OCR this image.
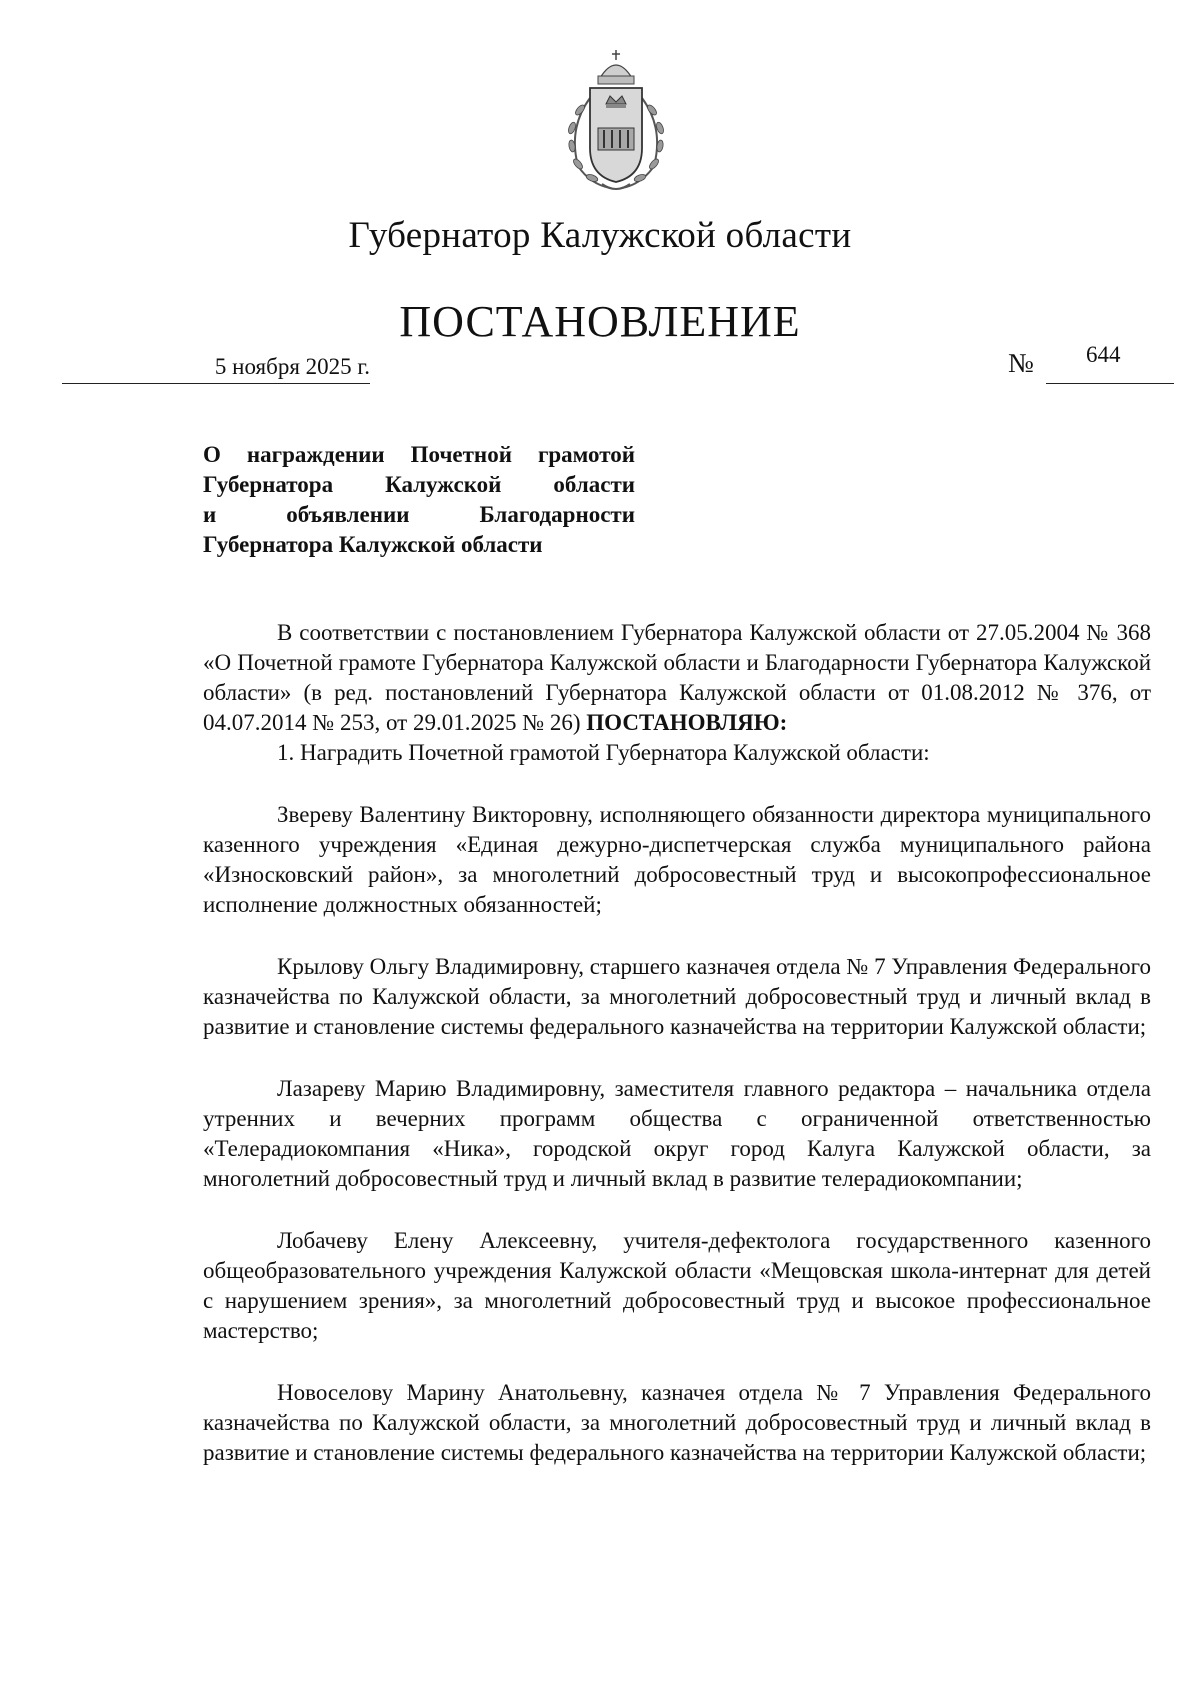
Губернатор Калужской области
ПОСТАНОВЛЕНИЕ
5 ноября 2025 г.	№ 644
О награждении Почетной грамотой
Губернатора Калужской области
и объявлении Благодарности
Губернатора Калужской области

В соответствии с постановлением Губернатора Калужской области от 27.05.2004 № 368 «О Почетной грамоте Губернатора Калужской области и Благодарности Губернатора Калужской области» (в ред. постановлений Губернатора Калужской области от 01.08.2012 № 376, от 04.07.2014 № 253, от 29.01.2025 № 26) ПОСТАНОВЛЯЮ:

1. Наградить Почетной грамотой Губернатора Калужской области:

Звереву Валентину Викторовну, исполняющего обязанности директора муниципального казенного учреждения «Единая дежурно-диспетчерская служба муниципального района «Износковский район», за многолетний добросовестный труд и высокопрофессиональное исполнение должностных обязанностей;

Крылову Ольгу Владимировну, старшего казначея отдела № 7 Управления Федерального казначейства по Калужской области, за многолетний добросовестный труд и личный вклад в развитие и становление системы федерального казначейства на территории Калужской области;

Лазареву Марию Владимировну, заместителя главного редактора – начальника отдела утренних и вечерних программ общества с ограниченной ответственностью «Телерадиокомпания «Ника», городской округ город Калуга Калужской области, за многолетний добросовестный труд и личный вклад в развитие телерадиокомпании;

Лобачеву Елену Алексеевну, учителя-дефектолога государственного казенного общеобразовательного учреждения Калужской области «Мещовская школа-интернат для детей с нарушением зрения», за многолетний добросовестный труд и высокое профессиональное мастерство;

Новоселову Марину Анатольевну, казначея отдела № 7 Управления Федерального казначейства по Калужской области, за многолетний добросовестный труд и личный вклад в развитие и становление системы федерального казначейства на территории Калужской области;
